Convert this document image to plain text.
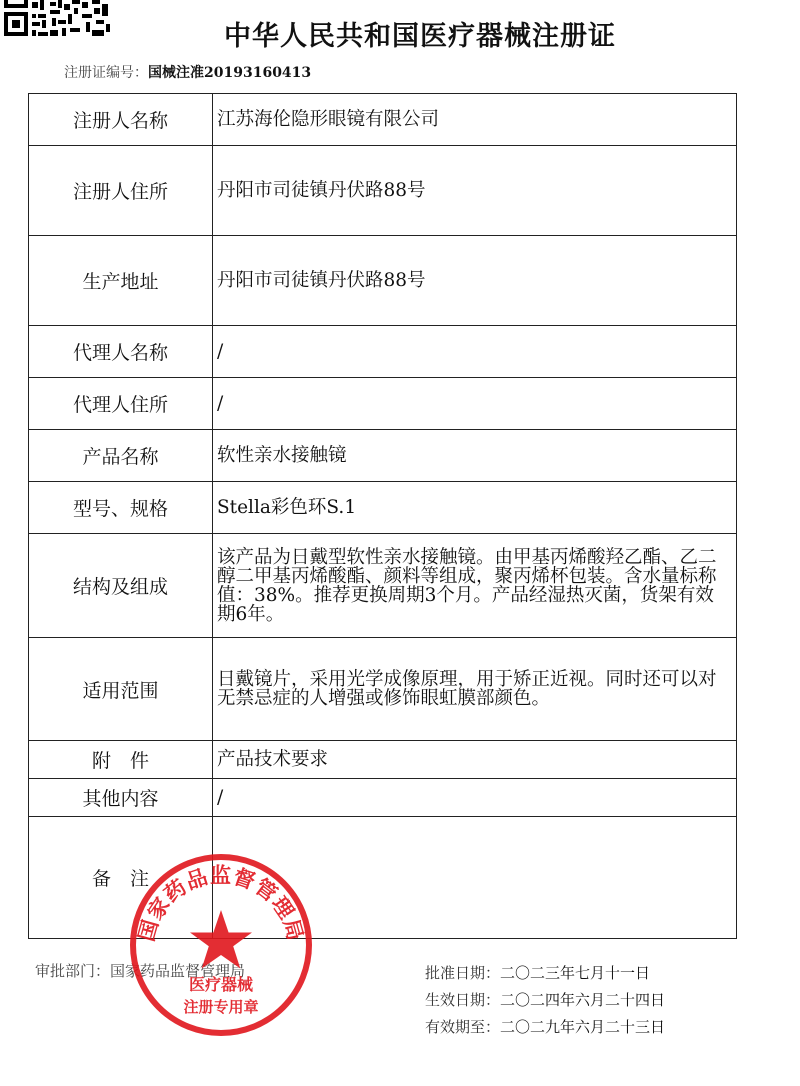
中华人民共和国医疗器械注册证
注册证编号：国械注准20193160413
注册人名称	江苏海伦隐形眼镜有限公司
注册人住所	丹阳市司徒镇丹伏路88号
生产地址	丹阳市司徒镇丹伏路88号
代理人名称	/
代理人住所	/
产品名称	软性亲水接触镜
型号、规格	Stella彩色环S.1
结构及组成	该产品为日戴型软性亲水接触镜。由甲基丙烯酸羟乙酯、乙二醇二甲基丙烯酸酯、颜料等组成，聚丙烯杯包装。含水量标称值：38%。推荐更换周期3个月。产品经湿热灭菌，货架有效期6年。
适用范围	日戴镜片，采用光学成像原理，用于矫正近视。同时还可以对无禁忌症的人增强或修饰眼虹膜部颜色。
附　件	产品技术要求
其他内容	/
备　注	
审批部门：国家药品监督管理局	批准日期：二〇二三年七月十一日
生效日期：二〇二四年六月二十四日
有效期至：二〇二九年六月二十三日
国家药品监督管理局
医疗器械
注册专用章
